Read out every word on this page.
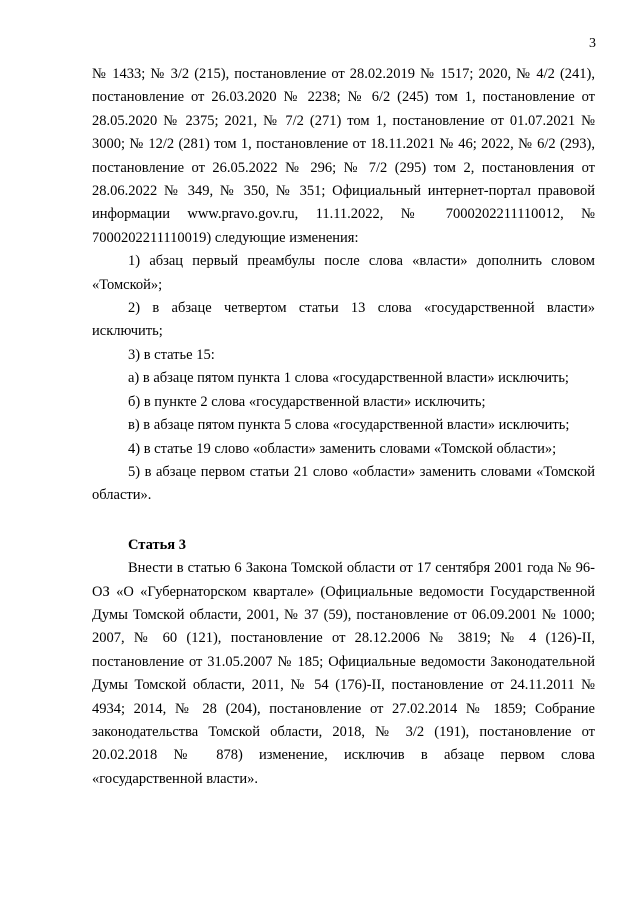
3

№ 1433; № 3/2 (215), постановление от 28.02.2019 № 1517; 2020, № 4/2 (241), постановление от 26.03.2020 № 2238; № 6/2 (245) том 1, постановление от 28.05.2020 № 2375; 2021, № 7/2 (271) том 1, постановление от 01.07.2021 № 3000; № 12/2 (281) том 1, постановление от 18.11.2021 № 46; 2022, № 6/2 (293), постановление от 26.05.2022 № 296; № 7/2 (295) том 2, постановления от 28.06.2022 № 349, № 350, № 351; Официальный интернет-портал правовой информации www.pravo.gov.ru, 11.11.2022, № 7000202211110012, № 7000202211110019) следующие изменения:

1) абзац первый преамбулы после слова «власти» дополнить словом «Томской»;

2) в абзаце четвертом статьи 13 слова «государственной власти» исключить;

3) в статье 15:

а) в абзаце пятом пункта 1 слова «государственной власти» исключить;

б) в пункте 2 слова «государственной власти» исключить;

в) в абзаце пятом пункта 5 слова «государственной власти» исключить;

4) в статье 19 слово «области» заменить словами «Томской области»;

5) в абзаце первом статьи 21 слово «области» заменить словами «Томской области».

Статья 3

Внести в статью 6 Закона Томской области от 17 сентября 2001 года № 96-ОЗ «О «Губернаторском квартале» (Официальные ведомости Государственной Думы Томской области, 2001, № 37 (59), постановление от 06.09.2001 № 1000; 2007, № 60 (121), постановление от 28.12.2006 № 3819; № 4 (126)-II, постановление от 31.05.2007 № 185; Официальные ведомости Законодательной Думы Томской области, 2011, № 54 (176)-II, постановление от 24.11.2011 № 4934; 2014, № 28 (204), постановление от 27.02.2014 № 1859; Собрание законодательства Томской области, 2018, № 3/2 (191), постановление от 20.02.2018 № 878) изменение, исключив в абзаце первом слова «государственной власти».
